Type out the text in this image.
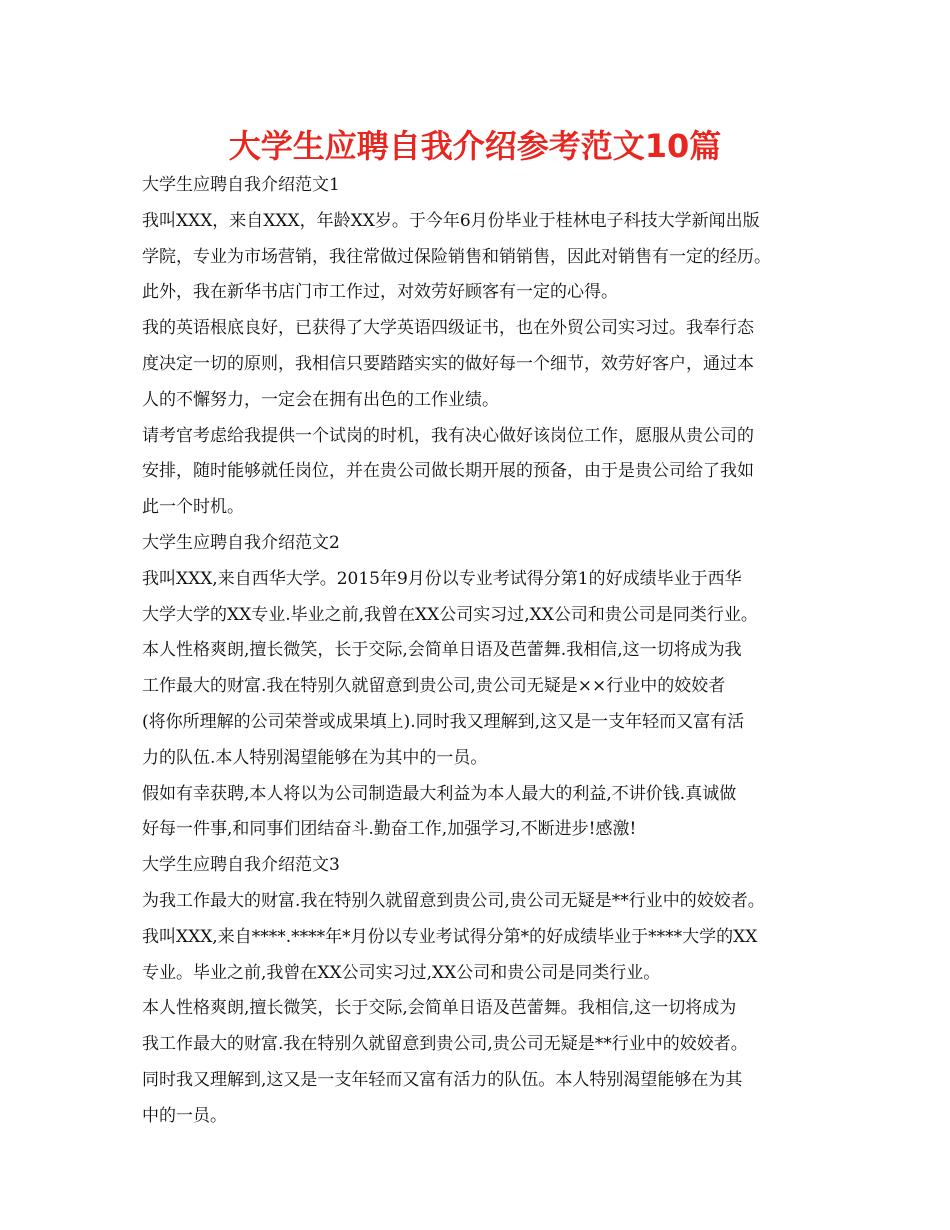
大学生应聘自我介绍参考范文10篇
大学生应聘自我介绍范文1
我叫XXX，来自XXX，年龄XX岁。于今年6月份毕业于桂林电子科技大学新闻出版
学院，专业为市场营销，我往常做过保险销售和销销售，因此对销售有一定的经历。
此外，我在新华书店门市工作过，对效劳好顾客有一定的心得。
我的英语根底良好，已获得了大学英语四级证书，也在外贸公司实习过。我奉行态
度决定一切的原则，我相信只要踏踏实实的做好每一个细节，效劳好客户，通过本
人的不懈努力，一定会在拥有出色的工作业绩。
请考官考虑给我提供一个试岗的时机，我有决心做好该岗位工作，愿服从贵公司的
安排，随时能够就任岗位，并在贵公司做长期开展的预备，由于是贵公司给了我如
此一个时机。
大学生应聘自我介绍范文2
我叫XXX,来自西华大学。2015年9月份以专业考试得分第1的好成绩毕业于西华
大学大学的XX专业.毕业之前,我曾在XX公司实习过,XX公司和贵公司是同类行业。
本人性格爽朗,擅长微笑，长于交际,会简单日语及芭蕾舞.我相信,这一切将成为我
工作最大的财富.我在特别久就留意到贵公司,贵公司无疑是××行业中的姣姣者
(将你所理解的公司荣誉或成果填上).同时我又理解到,这又是一支年轻而又富有活
力的队伍.本人特别渴望能够在为其中的一员。
假如有幸获聘,本人将以为公司制造最大利益为本人最大的利益,不讲价钱.真诚做
好每一件事,和同事们团结奋斗.勤奋工作,加强学习,不断进步!感激!
大学生应聘自我介绍范文3
为我工作最大的财富.我在特别久就留意到贵公司,贵公司无疑是**行业中的姣姣者。
我叫XXX,来自****.****年*月份以专业考试得分第*的好成绩毕业于****大学的XX
专业。毕业之前,我曾在XX公司实习过,XX公司和贵公司是同类行业。
本人性格爽朗,擅长微笑，长于交际,会简单日语及芭蕾舞。我相信,这一切将成为
我工作最大的财富.我在特别久就留意到贵公司,贵公司无疑是**行业中的姣姣者。
同时我又理解到,这又是一支年轻而又富有活力的队伍。本人特别渴望能够在为其
中的一员。
